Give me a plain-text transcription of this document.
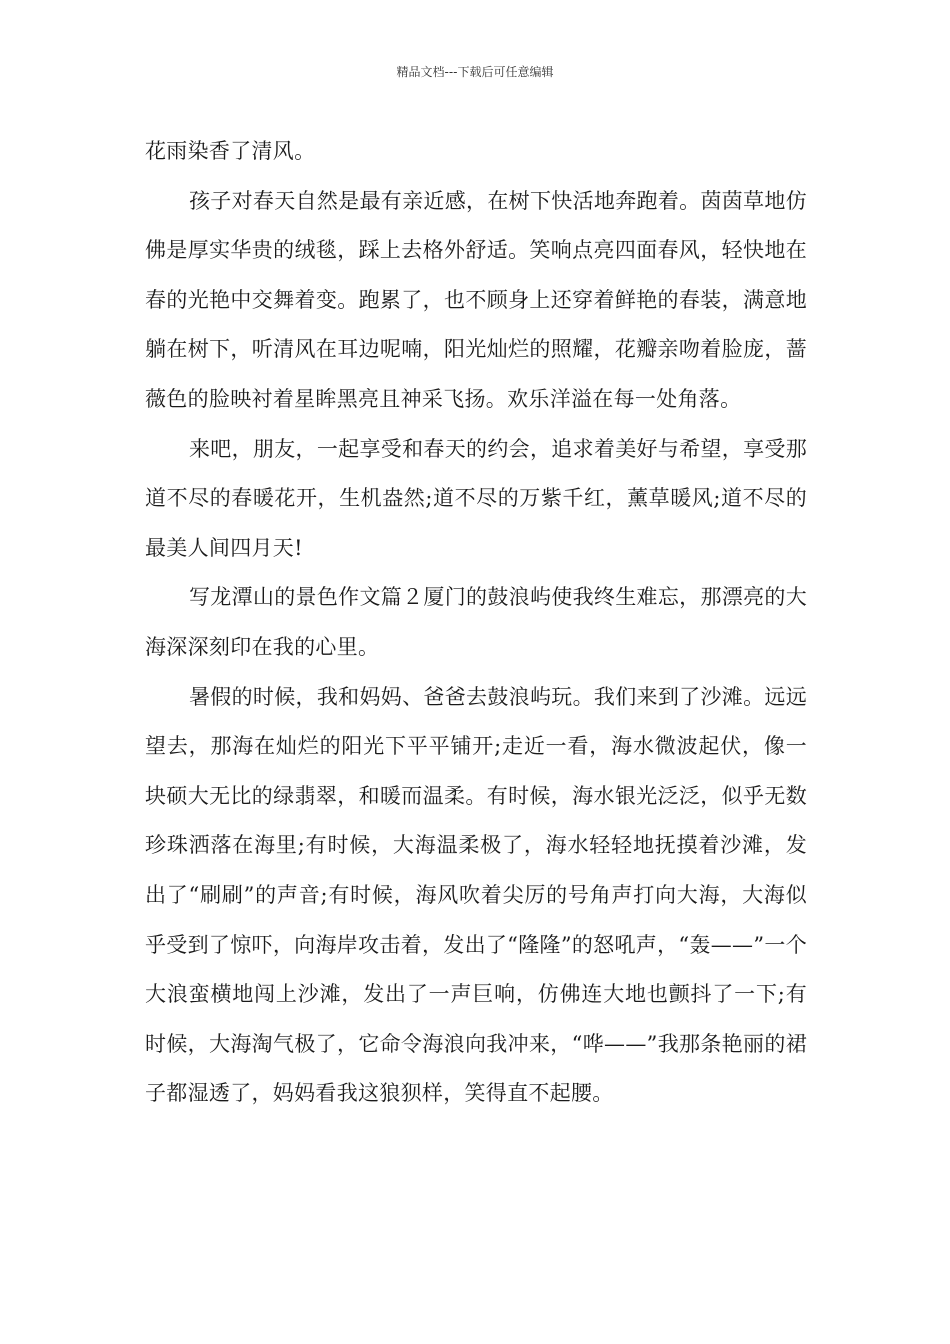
精品文档---下载后可任意编辑

花雨染香了清风。

孩子对春天自然是最有亲近感，在树下快活地奔跑着。茵茵草地仿佛是厚实华贵的绒毯，踩上去格外舒适。笑响点亮四面春风，轻快地在春的光艳中交舞着变。跑累了，也不顾身上还穿着鲜艳的春装，满意地躺在树下，听清风在耳边呢喃，阳光灿烂的照耀，花瓣亲吻着脸庞，蔷薇色的脸映衬着星眸黑亮且神采飞扬。欢乐洋溢在每一处角落。

来吧，朋友，一起享受和春天的约会，追求着美好与希望，享受那道不尽的春暖花开，生机盎然;道不尽的万紫千红，薰草暖风;道不尽的最美人间四月天!

写龙潭山的景色作文篇２厦门的鼓浪屿使我终生难忘，那漂亮的大海深深刻印在我的心里。

暑假的时候，我和妈妈、爸爸去鼓浪屿玩。我们来到了沙滩。远远望去，那海在灿烂的阳光下平平铺开;走近一看，海水微波起伏，像一块硕大无比的绿翡翠，和暖而温柔。有时候，海水银光泛泛，似乎无数珍珠洒落在海里;有时候，大海温柔极了，海水轻轻地抚摸着沙滩，发出了“刷刷”的声音;有时候，海风吹着尖厉的号角声打向大海，大海似乎受到了惊吓，向海岸攻击着，发出了“隆隆”的怒吼声，“轰——”一个大浪蛮横地闯上沙滩，发出了一声巨响，仿佛连大地也颤抖了一下;有时候，大海淘气极了，它命令海浪向我冲来，“哗——”我那条艳丽的裙子都湿透了，妈妈看我这狼狈样，笑得直不起腰。
